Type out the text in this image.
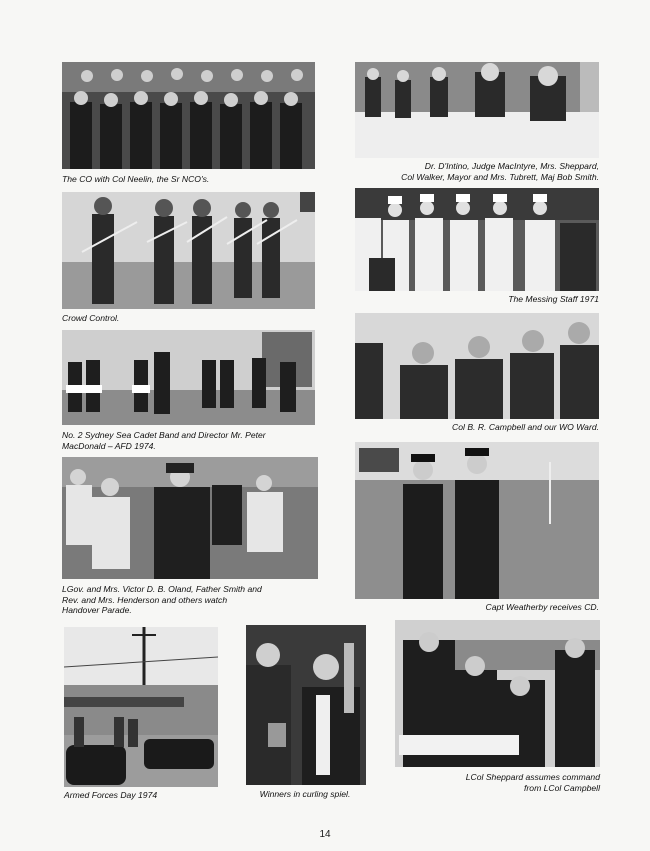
The CO with Col Neelin, the Sr NCO's.
Dr. D'Intino, Judge MacIntyre, Mrs. Sheppard,
Col Walker, Mayor and Mrs. Tubrett, Maj Bob Smith.
Crowd Control.
The Messing Staff 1971
Col B. R. Campbell and our WO Ward.
No. 2 Sydney Sea Cadet Band and Director Mr. Peter
MacDonald – AFD 1974.
Capt Weatherby receives CD.
LGov. and Mrs. Victor D. B. Oland, Father Smith and
Rev. and Mrs. Henderson and others watch
Handover Parade.
Armed Forces Day 1974	Winners in curling spiel.
LCol Sheppard assumes command
from LCol Campbell
14
